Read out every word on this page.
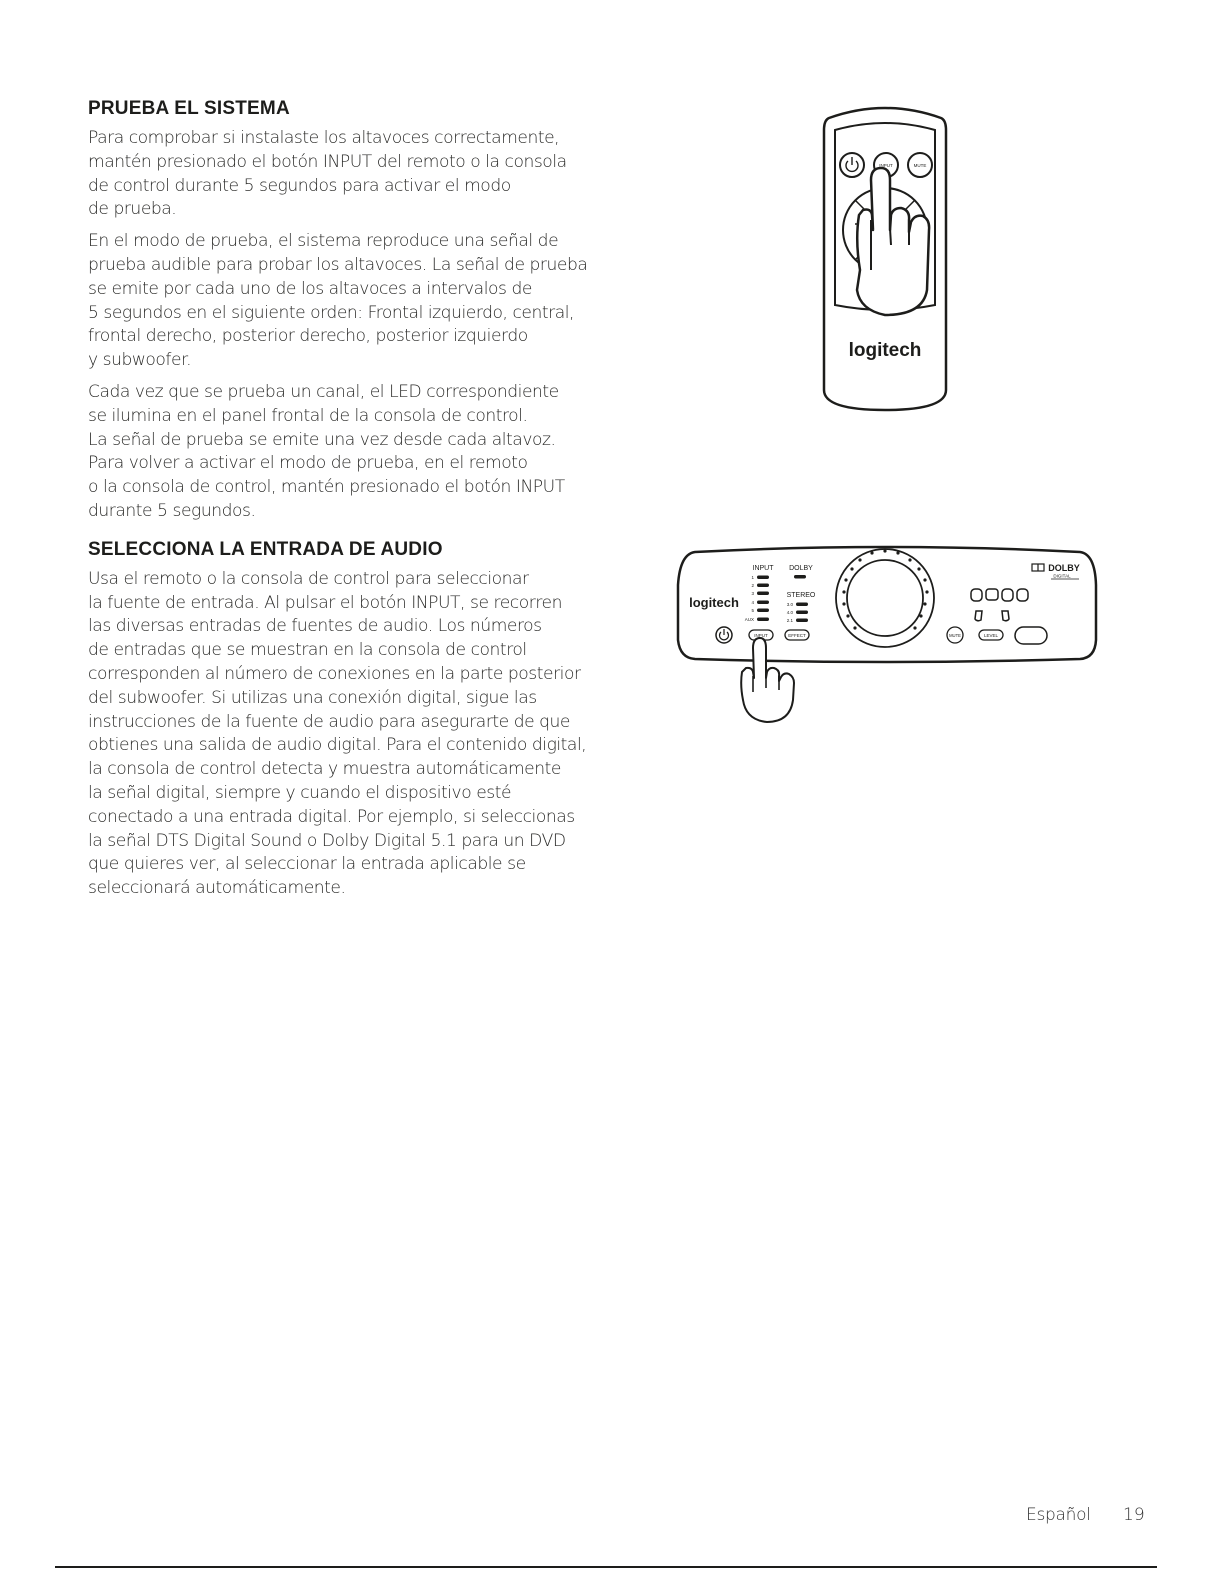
PRUEBA EL SISTEMA

Para comprobar si instalaste los altavoces correctamente,
mantén presionado el botón INPUT del remoto o la consola
de control durante 5 segundos para activar el modo
de prueba.

En el modo de prueba, el sistema reproduce una señal de
prueba audible para probar los altavoces. La señal de prueba
se emite por cada uno de los altavoces a intervalos de
5 segundos en el siguiente orden: Frontal izquierdo, central,
frontal derecho, posterior derecho, posterior izquierdo
y subwoofer.

Cada vez que se prueba un canal, el LED correspondiente
se ilumina en el panel frontal de la consola de control.
La señal de prueba se emite una vez desde cada altavoz.
Para volver a activar el modo de prueba, en el remoto
o la consola de control, mantén presionado el botón INPUT
durante 5 segundos.

SELECCIONA LA ENTRADA DE AUDIO

Usa el remoto o la consola de control para seleccionar
la fuente de entrada. Al pulsar el botón INPUT, se recorren
las diversas entradas de fuentes de audio. Los números
de entradas que se muestran en la consola de control
corresponden al número de conexiones en la parte posterior
del subwoofer. Si utilizas una conexión digital, sigue las
instrucciones de la fuente de audio para asegurarte de que
obtienes una salida de audio digital. Para el contenido digital,
la consola de control detecta y muestra automáticamente
la señal digital, siempre y cuando el dispositivo esté
conectado a una entrada digital. Por ejemplo, si seleccionas
la señal DTS Digital Sound o Dolby Digital 5.1 para un DVD
que quieres ver, al seleccionar la entrada aplicable se
seleccionará automáticamente.

INPUT	MUTE
logitech
logitech
INPUT DOLBY
STEREO
1
2
3
4
5
AUX
3.0
4.0
2.1
INPUT	EFFECT
DOLBY
DIGITAL
MUTE	LEVEL
Español 19
